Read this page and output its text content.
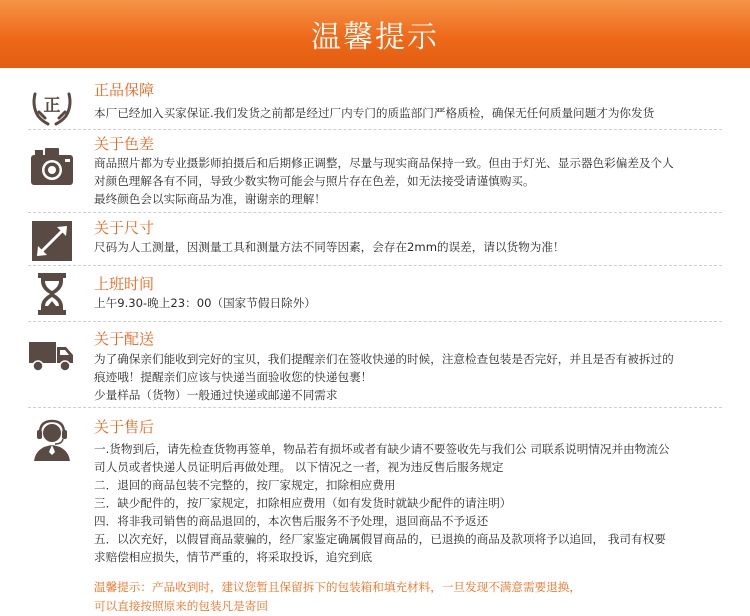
温馨提示
正
正品保障
本厂已经加入买家保证.我们发货之前都是经过厂内专门的质监部门严格质检，确保无任何质量问题才为你发货
关于色差
商品照片都为专业摄影师拍摄后和后期修正调整，尽量与现实商品保持一致。但由于灯光、显示器色彩偏差及个人
对颜色理解各有不同，导致少数实物可能会与照片存在色差，如无法接受请谨慎购买。
最终颜色会以实际商品为准，谢谢亲的理解！
关于尺寸
尺码为人工测量，因测量工具和测量方法不同等因素，会存在2mm的误差，请以货物为准！
上班时间
上午9.30-晚上23：00（国家节假日除外）
关于配送
为了确保亲们能收到完好的宝贝，我们提醒亲们在签收快递的时候，注意检查包装是否完好，并且是否有被拆过的
痕迹哦！提醒亲们应该与快递当面验收您的快递包裹！
少量样品（货物）一般通过快递或邮递不同需求
关于售后
一.货物到后，请先检查货物再签单，物品若有损坏或者有缺少请不要签收先与我们公 司联系说明情况并由物流公
司人员或者快递人员证明后再做处理。 以下情况之一者，视为违反售后服务规定
二．退回的商品包装不完整的，按厂家规定，扣除相应费用
三．缺少配件的，按厂家规定，扣除相应费用（如有发货时就缺少配件的请注明）
四．将非我司销售的商品退回的，本次售后服务不予处理，退回商品不予返还
五．以次充好，以假冒商品蒙骗的，经厂家鉴定确属假冒商品的，已退换的商品及款项将予以追回， 我司有权要
求赔偿相应损失，情节严重的，将采取投诉，追究到底
温馨提示：产品收到时，建议您暂且保留拆下的包装箱和填充材料，一旦发现不满意需要退换，
可以直接按照原来的包装凡是寄回
